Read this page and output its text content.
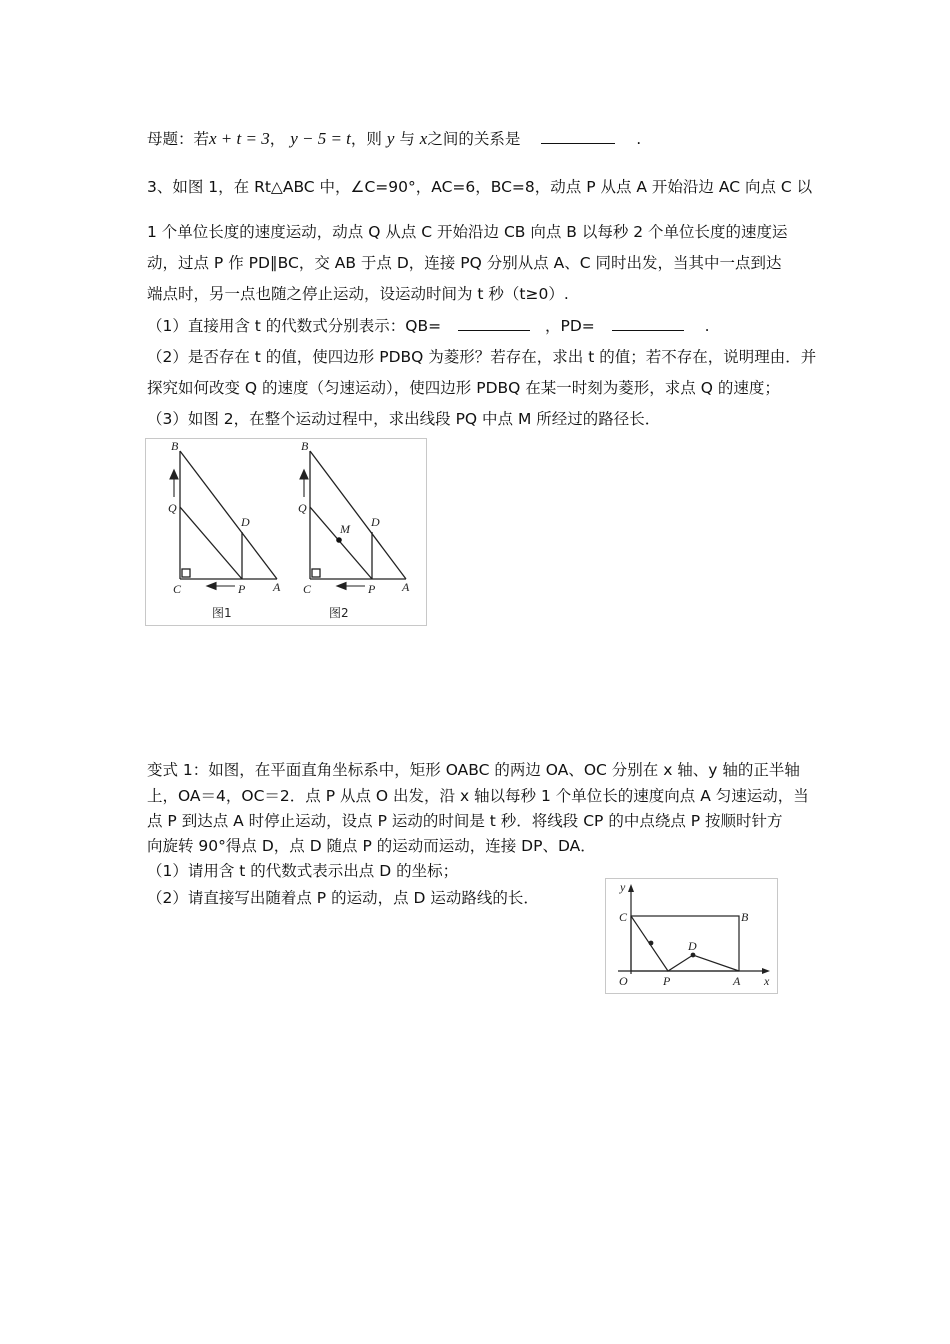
母题：若x + t = 3， y − 5 = t，则 y 与 x之间的关系是	.
3、如图 1，在 Rt△ABC 中，∠C=90°，AC=6，BC=8，动点 P 从点 A 开始沿边 AC 向点 C 以
1 个单位长度的速度运动，动点 Q 从点 C 开始沿边 CB 向点 B 以每秒 2 个单位长度的速度运
动，过点 P 作 PD∥BC，交 AB 于点 D，连接 PQ 分别从点 A、C 同时出发，当其中一点到达
端点时，另一点也随之停止运动，设运动时间为 t 秒（t≥0）.
（1）直接用含 t 的代数式分别表示：QB=	，PD=	.
（2）是否存在 t 的值，使四边形 PDBQ 为菱形？若存在，求出 t 的值；若不存在，说明理由．并
探究如何改变 Q 的速度（匀速运动），使四边形 PDBQ 在某一时刻为菱形，求点 Q 的速度；
（3）如图 2，在整个运动过程中，求出线段 PQ 中点 M 所经过的路径长．
B
Q
D
C	P A
图1
B
Q
M D
C	P A
图2
变式 1：如图，在平面直角坐标系中，矩形 OABC 的两边 OA、OC 分别在 x 轴、y 轴的正半轴
上，OA＝4，OC＝2．点 P 从点 O 出发，沿 x 轴以每秒 1 个单位长的速度向点 A 匀速运动，当
点 P 到达点 A 时停止运动，设点 P 运动的时间是 t 秒．将线段 CP 的中点绕点 P 按顺时针方
向旋转 90°得点 D，点 D 随点 P 的运动而运动，连接 DP、DA．
（1）请用含 t 的代数式表示出点 D 的坐标；
（2）请直接写出随着点 P 的运动，点 D 运动路线的长．
y
x
C	B
D
O	P	A
